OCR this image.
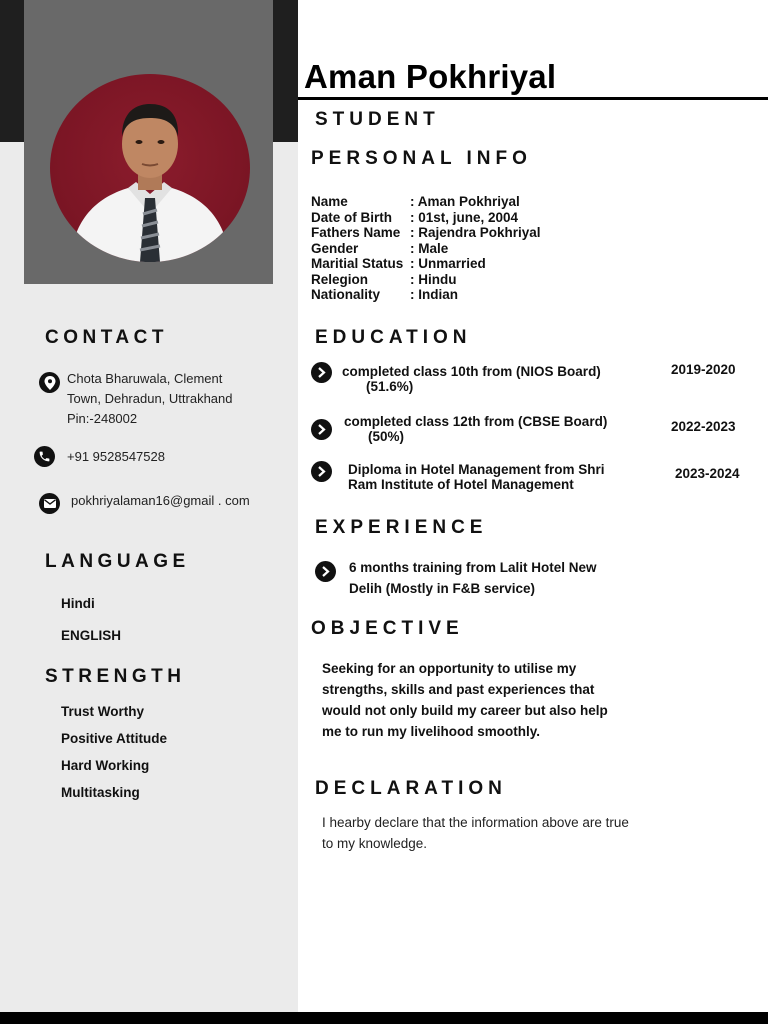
CONTACT
Chota Bharuwala, Clement
Town, Dehradun, Uttrakhand
Pin:-248002
+91 9528547528
pokhriyalaman16@gmail . com
LANGUAGE
Hindi
ENGLISH
STRENGTH
Trust Worthy
Positive Attitude
Hard Working
Multitasking
Aman Pokhriyal
STUDENT
PERSONAL INFO
Name	: Aman Pokhriyal
Date of Birth : 01st, june, 2004
Fathers Name : Rajendra Pokhriyal
Gender	: Male
Maritial Status : Unmarried
Relegion	: Hindu
Nationality : Indian
EDUCATION
completed class 10th from (NIOS Board)
(51.6%)
2019-2020
completed class 12th from (CBSE Board)
(50%)
2022-2023
Diploma in Hotel Management from Shri
Ram Institute of Hotel Management
2023-2024
EXPERIENCE
6 months training from Lalit Hotel New
Delih (Mostly in F&B service)
OBJECTIVE
Seeking for an opportunity to utilise my
strengths, skills and past experiences that
would not only build my career but also help
me to run my livelihood smoothly.
DECLARATION
I hearby declare that the information above are true
to my knowledge.
